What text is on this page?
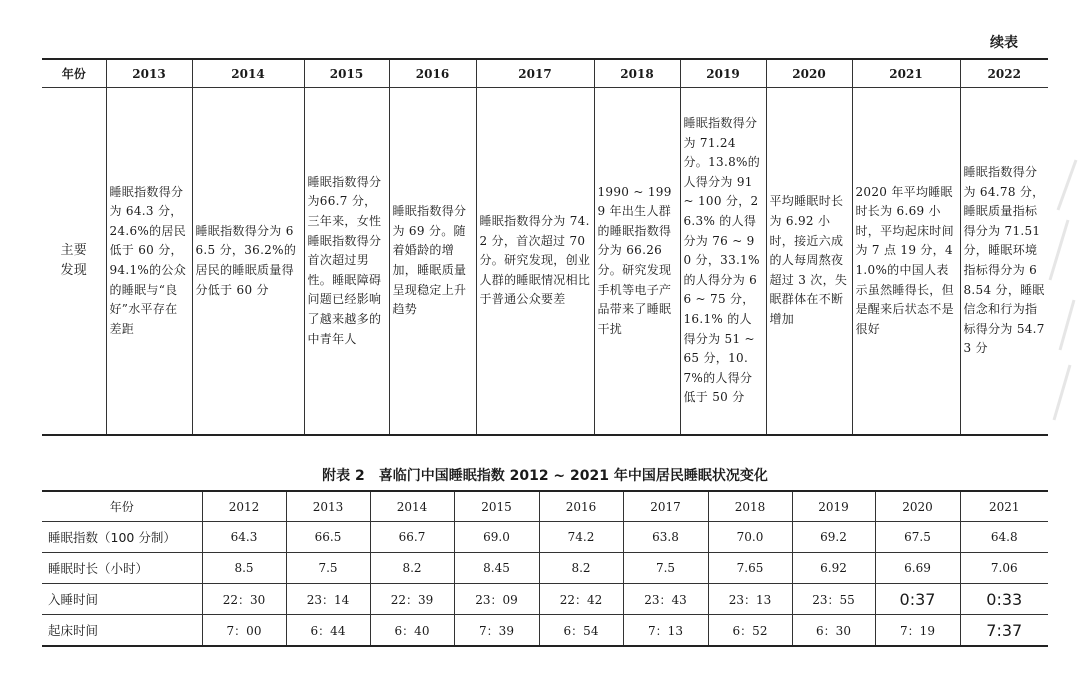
续表
年份	2013	2014	2015	2016	2017	2018	2019	2020	2021	2022
主要
发现	睡眠指数得分为 64.3 分，24.6%的居民低于 60 分，94.1%的公众的睡眠与“良好”水平存在差距	睡眠指数得分为 66.5 分，36.2%的居民的睡眠质量得分低于 60 分	睡眠指数得分为66.7 分，三年来，女性睡眠指数得分首次超过男性。睡眠障碍问题已经影响了越来越多的中青年人	睡眠指数得分为 69 分。随着婚龄的增加，睡眠质量呈现稳定上升趋势	睡眠指数得分为 74.2 分，首次超过 70 分。研究发现，创业人群的睡眠情况相比于普通公众要差	1990 ~ 1999 年出生人群的睡眠指数得分为 66.26 分。研究发现手机等电子产品带来了睡眠干扰	睡眠指数得分为 71.24 分。13.8%的人得分为 91 ~ 100 分，26.3% 的人得分为 76 ~ 90 分，33.1%的人得分为 66 ~ 75 分，16.1% 的人得分为 51 ~ 65 分，10.7%的人得分低于 50 分	平均睡眠时长为 6.92 小时，接近六成的人每周熬夜超过 3 次，失眠群体在不断增加	2020 年平均睡眠时长为 6.69 小时，平均起床时间为 7 点 19 分，41.0%的中国人表示虽然睡得长，但是醒来后状态不是很好	睡眠指数得分为 64.78 分，睡眠质量指标得分为 71.51 分，睡眠环境指标得分为 68.54 分，睡眠信念和行为指标得分为 54.73 分
附表 2　喜临门中国睡眠指数 2012 ~ 2021 年中国居民睡眠状况变化
年份	2012	2013	2014	2015	2016	2017	2018	2019	2020	2021
睡眠指数（100 分制）	64.3	66.5	66.7	69.0	74.2	63.8	70.0	69.2	67.5	64.8
睡眠时长（小时）	8.5	7.5	8.2	8.45	8.2	7.5	7.65	6.92	6.69	7.06
入睡时间	22：30	23：14	22：39	23：09	22：42	23：43	23：13	23：55	0:37	0:33
起床时间	7：00	6：44	6：40	7：39	6：54	7：13	6：52	6：30	7：19	7:37
